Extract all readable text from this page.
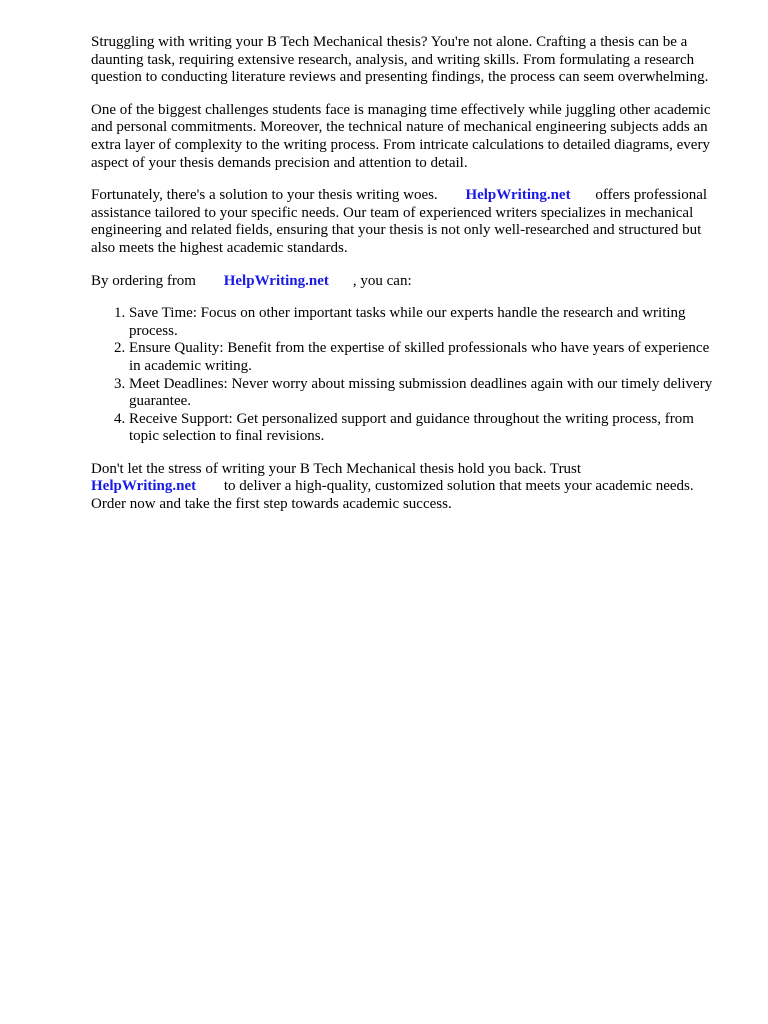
Struggling with writing your B Tech Mechanical thesis? You're not alone. Crafting a thesis can be a daunting task, requiring extensive research, analysis, and writing skills. From formulating a research question to conducting literature reviews and presenting findings, the process can seem overwhelming.

One of the biggest challenges students face is managing time effectively while juggling other academic and personal commitments. Moreover, the technical nature of mechanical engineering subjects adds an extra layer of complexity to the writing process. From intricate calculations to detailed diagrams, every aspect of your thesis demands precision and attention to detail.

Fortunately, there's a solution to your thesis writing woes. HelpWriting.net offers professional assistance tailored to your specific needs. Our team of experienced writers specializes in mechanical engineering and related fields, ensuring that your thesis is not only well-researched and structured but also meets the highest academic standards.

By ordering from HelpWriting.net , you can:

1. Save Time: Focus on other important tasks while our experts handle the research and writing process.
2. Ensure Quality: Benefit from the expertise of skilled professionals who have years of experience in academic writing.
3. Meet Deadlines: Never worry about missing submission deadlines again with our timely delivery guarantee.
4. Receive Support: Get personalized support and guidance throughout the writing process, from topic selection to final revisions.

Don't let the stress of writing your B Tech Mechanical thesis hold you back. Trust
HelpWriting.net to deliver a high-quality, customized solution that meets your academic needs. Order now and take the first step towards academic success.
